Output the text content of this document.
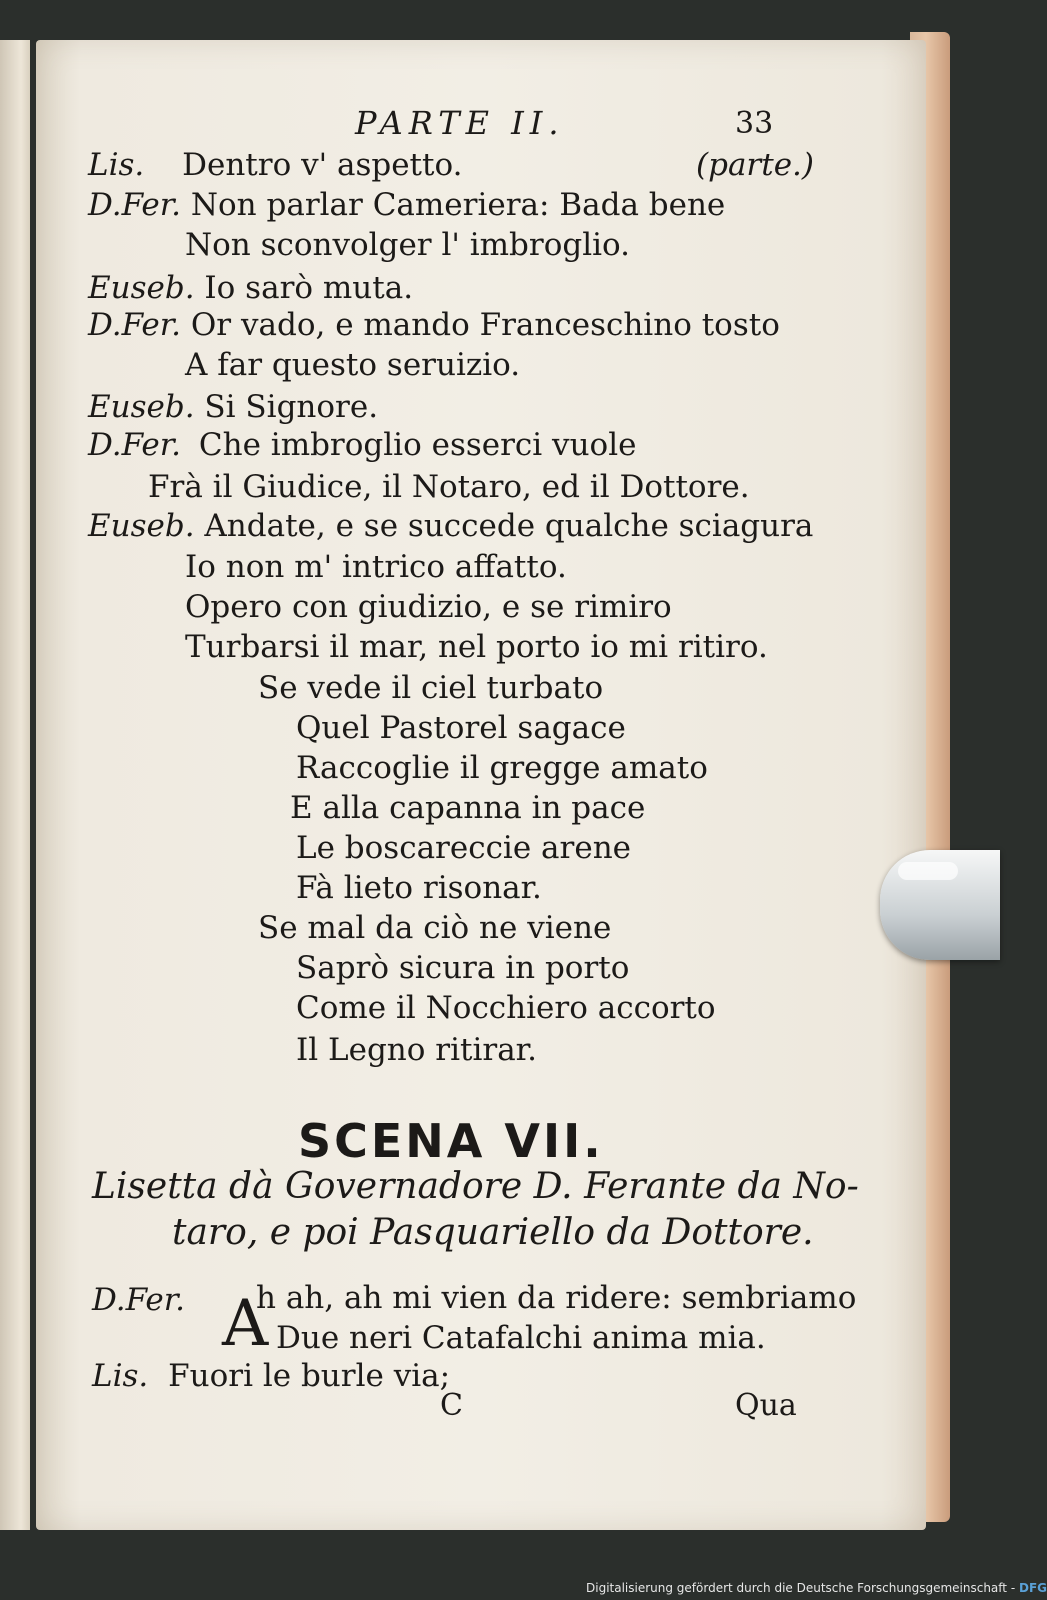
PARTE II.	33

Lis. Dentro v' aspetto.	(parte.)

D.Fer. Non parlar Cameriera: Bada bene

Non sconvolger l' imbroglio.

Euseb. Io sarò muta.

D.Fer. Or vado, e mando Franceschino tosto

A far questo seruizio.

Euseb. Si Signore.

D.Fer. Che imbroglio esserci vuole

Frà il Giudice, il Notaro, ed il Dottore.

Euseb. Andate, e se succede qualche sciagura

Io non m' intrico affatto.

Opero con giudizio, e se rimiro

Turbarsi il mar, nel porto io mi ritiro.

Se vede il ciel turbato

Quel Pastorel sagace

Raccoglie il gregge amato

E alla capanna in pace

Le boscareccie arene

Fà lieto risonar.

Se mal da ciò ne viene

Saprò sicura in porto

Come il Nocchiero accorto

Il Legno ritirar.

SCENA VII.

Lisetta dà Governadore D. Ferante da No-

taro, e poi Pasquariello da Dottore.

D.Fer. A

h ah, ah mi vien da ridere: sembriamo

Due neri Catafalchi anima mia.

Lis. Fuori le burle via;

C	Qua
Digitalisierung gefördert durch die Deutsche Forschungsgemeinschaft - DFG
